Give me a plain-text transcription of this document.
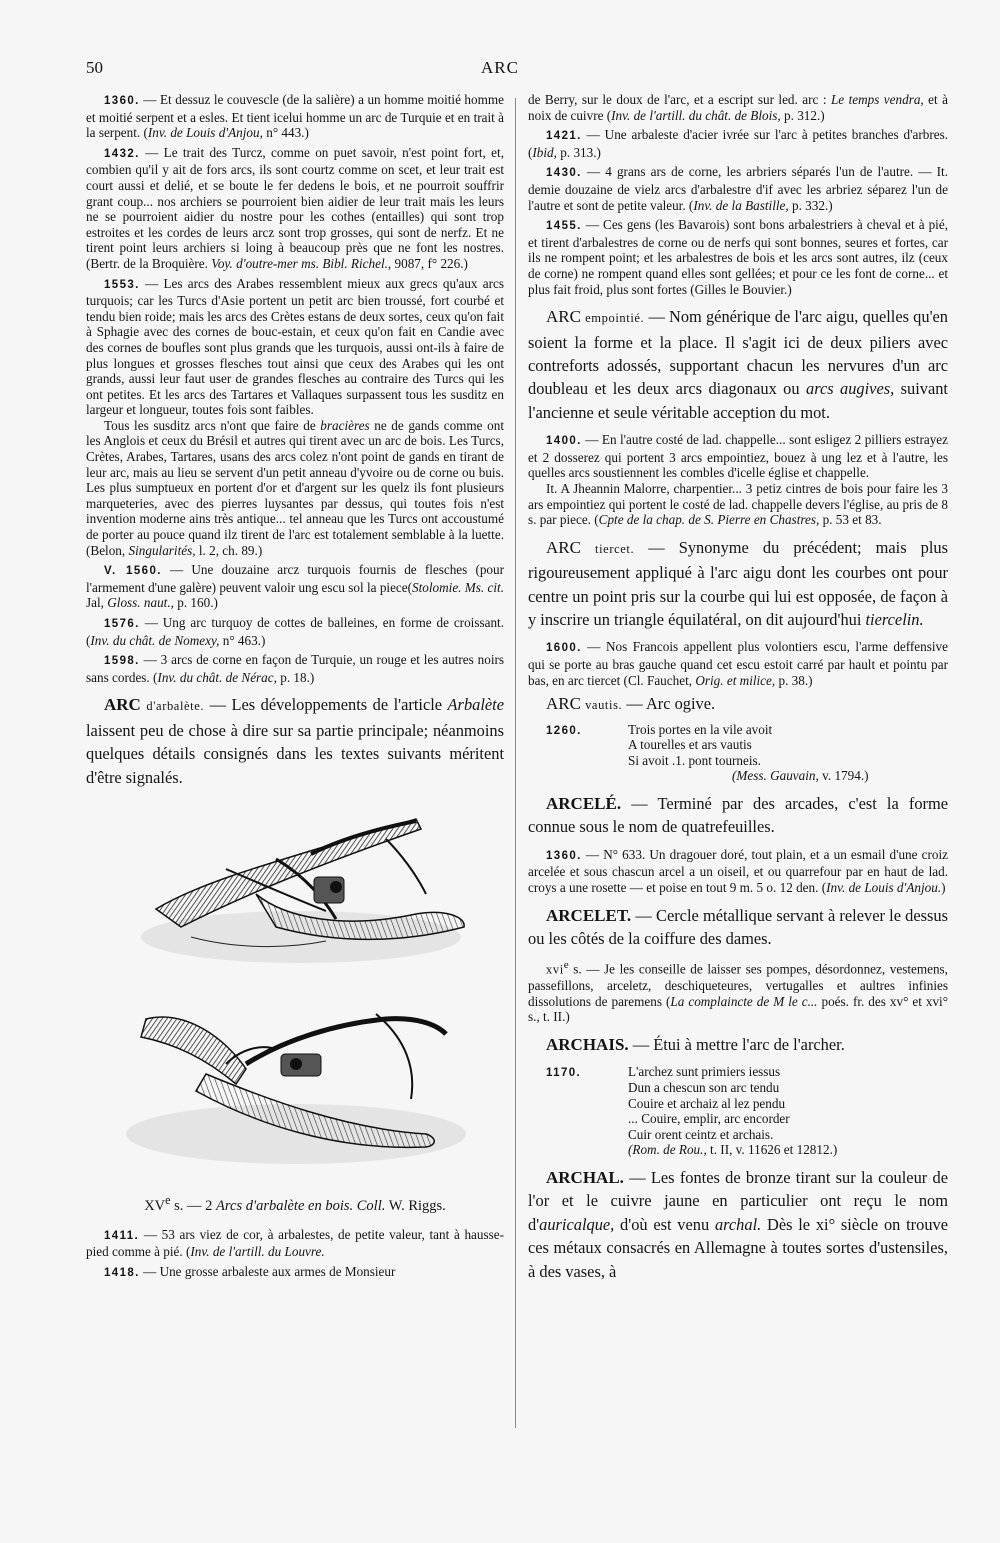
50	ARC

1360. — Et dessuz le couvescle (de la salière) a un homme moitié homme et moitié serpent et a esles. Et tient icelui homme un arc de Turquie et en trait à la serpent. (Inv. de Louis d'Anjou, n° 443.)

1432. — Le trait des Turcz, comme on puet savoir, n'est point fort, et, combien qu'il y ait de fors arcs, ils sont courtz comme on scet, et leur trait est court aussi et delié, et se boute le fer dedens le bois, et ne pourroit souffrir grant coup... nos archiers se pourroient bien aidier de leur trait mais les leurs ne se pourroient aidier du nostre pour les cothes (entailles) qui sont trop estroites et les cordes de leurs arcz sont trop grosses, qui sont de nerfz. Et ne tirent point leurs archiers si loing à beaucoup près que ne font les nostres. (Bertr. de la Broquière. Voy. d'outre-mer ms. Bibl. Richel., 9087, f° 226.)

1553. — Les arcs des Arabes ressemblent mieux aux grecs qu'aux arcs turquois; car les Turcs d'Asie portent un petit arc bien troussé, fort courbé et tendu bien roide; mais les arcs des Crètes estans de deux sortes, ceux qu'on fait à Sphagie avec des cornes de bouc-estain, et ceux qu'on fait en Candie avec des cornes de boufles sont plus grands que les turquois, aussi ont-ils à faire de plus longues et grosses flesches tout ainsi que ceux des Arabes qui les ont grands, aussi leur faut user de grandes flesches au contraire des Turcs qui les ont petites. Et les arcs des Tartares et Vallaques surpassent tous les susditz en largeur et longueur, toutes fois sont faibles.

Tous les susditz arcs n'ont que faire de bracières ne de gands comme ont les Anglois et ceux du Brésil et autres qui tirent avec un arc de bois. Les Turcs, Crètes, Arabes, Tartares, usans des arcs colez n'ont point de gands en tirant de leur arc, mais au lieu se servent d'un petit anneau d'yvoire ou de corne ou buis. Les plus sumptueux en portent d'or et d'argent sur les quelz ils font plusieurs marqueteries, avec des pierres luysantes par dessus, qui toutes fois n'est invention moderne ains très antique... tel anneau que les Turcs ont accoustumé de porter au pouce quand ilz tirent de l'arc est totalement semblable à la luette. (Belon, Singularités, l. 2, ch. 89.)

V. 1560. — Une douzaine arcz turquois fournis de flesches (pour l'armement d'une galère) peuvent valoir ung escu sol la piece(Stolomie. Ms. cit. Jal, Gloss. naut., p. 160.)

1576. — Ung arc turquoy de cottes de balleines, en forme de croissant. (Inv. du chât. de Nomexy, n° 463.)

1598. — 3 arcs de corne en façon de Turquie, un rouge et les autres noirs sans cordes. (Inv. du chât. de Nérac, p. 18.)

ARC d'arbalète. — Les développements de l'article Arbalète laissent peu de chose à dire sur sa partie principale; néanmoins quelques détails consignés dans les textes suivants méritent d'être signalés.

XVe s. — 2 Arcs d'arbalète en bois. Coll. W. Riggs.

1411. — 53 ars viez de cor, à arbalestes, de petite valeur, tant à hausse-pied comme à pié. (Inv. de l'artill. du Louvre.

1418. — Une grosse arbaleste aux armes de Monsieur

de Berry, sur le doux de l'arc, et a escript sur led. arc : Le temps vendra, et à noix de cuivre (Inv. de l'artill. du chât. de Blois, p. 312.)

1421. — Une arbaleste d'acier ivrée sur l'arc à petites branches d'arbres. (Ibid, p. 313.)

1430. — 4 grans ars de corne, les arbriers séparés l'un de l'autre. — It. demie douzaine de vielz arcs d'arbalestre d'if avec les arbriez séparez l'un de l'autre et sont de petite valeur. (Inv. de la Bastille, p. 332.)

1455. — Ces gens (les Bavarois) sont bons arbalestriers à cheval et à pié, et tirent d'arbalestres de corne ou de nerfs qui sont bonnes, seures et fortes, car ils ne rompent point; et les arbalestres de bois et les arcs sont autres, ilz (ceux de corne) ne rompent quand elles sont gellées; et pour ce les font de corne... et plus fait froid, plus sont fortes (Gilles le Bouvier.)

ARC empointié. — Nom générique de l'arc aigu, quelles qu'en soient la forme et la place. Il s'agit ici de deux piliers avec contreforts adossés, supportant chacun les nervures d'un arc doubleau et les deux arcs diagonaux ou arcs augives, suivant l'ancienne et seule véritable acception du mot.

1400. — En l'autre costé de lad. chappelle... sont esligez 2 pilliers estrayez et 2 dosserez qui portent 3 arcs empointiez, bouez à ung lez et à l'autre, les quelles arcs soustiennent les combles d'icelle église et chappelle.

It. A Jheannin Malorre, charpentier... 3 petiz cintres de bois pour faire les 3 ars empointiez qui portent le costé de lad. chappelle devers l'église, au pris de 8 s. par piece. (Cpte de la chap. de S. Pierre en Chastres, p. 53 et 83.

ARC tiercet. — Synonyme du précédent; mais plus rigoureusement appliqué à l'arc aigu dont les courbes ont pour centre un point pris sur la courbe qui lui est opposée, de façon à y inscrire un triangle équilatéral, on dit aujourd'hui tiercelin.

1600. — Nos Francois appellent plus volontiers escu, l'arme deffensive qui se porte au bras gauche quand cet escu estoit carré par hault et pointu par bas, en arc tiercet (Cl. Fauchet, Orig. et milice, p. 38.)

ARC vautis. — Arc ogive.

1260.	Trois portes en la vile avoit
A tourelles et ars vautis
Si avoit .1. pont tourneis.
(Mess. Gauvain, v. 1794.)

ARCELÉ. — Terminé par des arcades, c'est la forme connue sous le nom de quatrefeuilles.

1360. — N° 633. Un dragouer doré, tout plain, et a un esmail d'une croiz arcelée et sous chascun arcel a un oiseil, et ou quarrefour par en haut de lad. croys a une rosette — et poise en tout 9 m. 5 o. 12 den. (Inv. de Louis d'Anjou.)

ARCELET. — Cercle métallique servant à relever le dessus ou les côtés de la coiffure des dames.

xvi$^e$ s. — Je les conseille de laisser ses pompes, désordonnez, vestemens, passefillons, arceletz, deschiqueteures, vertugalles et aultres infinies dissolutions de paremens (La complaincte de M le c... poés. fr. des xv° et xvi° s., t. II.)

ARCHAIS. — Étui à mettre l'arc de l'archer.

1170.	L'archez sunt primiers iessus
Dun a chescun son arc tendu
Couire et archaiz al lez pendu
... Couire, emplir, arc encorder
Cuir orent ceintz et archais.
(Rom. de Rou., t. II, v. 11626 et 12812.)

ARCHAL. — Les fontes de bronze tirant sur la couleur de l'or et le cuivre jaune en particulier ont reçu le nom d'auricalque, d'où est venu archal. Dès le xi° siècle on trouve ces métaux consacrés en Allemagne à toutes sortes d'ustensiles, à des vases, à
